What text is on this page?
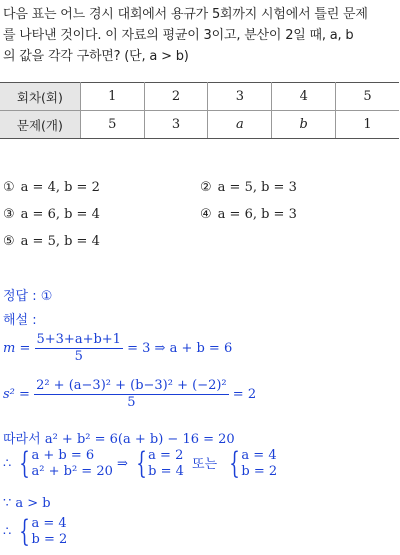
다음 표는 어느 경시 대회에서 용규가 5회까지 시험에서 틀린 문제
를 나타낸 것이다. 이 자료의 평균이 3이고, 분산이 2일 때, a, b
의 값을 각각 구하면? (단, a > b)
회차(회)	1	2	3	4	5
문제(개)	5	3	a	b	1
① a = 4, b = 2	② a = 5, b = 3
③ a = 6, b = 4	④ a = 6, b = 3
⑤ a = 5, b = 4
정답 : ①
해설 :
$m = \frac{5+3+a+b+1}{5} = 3$ ⇒ a + b = 6
$s^2 = \frac{\text{2² + (a−3)² + (b−3)² + (−2)²}}{5} = 2$
따라서 a² + b² = 6(a + b) − 16 = 20
∴ { a + b = 6
a² + b² = 20 ⇒ { a = 2
b = 4 또는 { a = 4
b = 2
∵ a > b
∴ { a = 4
b = 2
